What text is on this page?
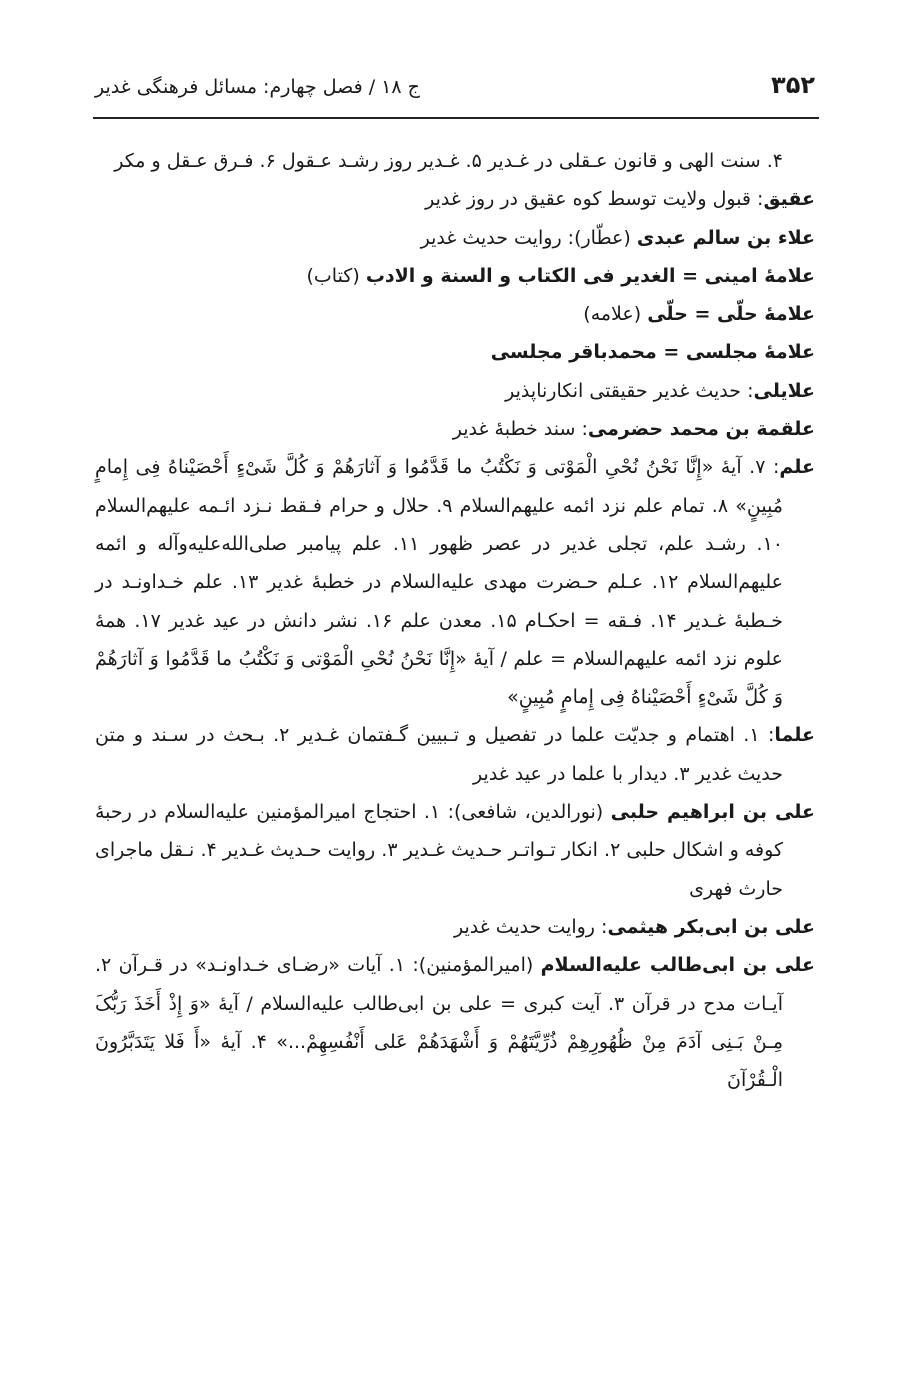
۳۵۲
ج ۱۸ / فصل چهارم: مسائل فرهنگی غدیر

۴. سنت الهی و قانون عـقلی در غـدیر ۵. غـدیر روز رشـد عـقول ۶. فـرق عـقل و مکر

عقیق: قبول ولایت توسط کوه عقیق در روز غدیر

علاء بن سالم عبدی (عطّار): روایت حدیث غدیر

علامهٔ امینی = الغدیر فی الکتاب و السنة و الادب (کتاب)

علامهٔ حلّی = حلّی (علامه)

علامهٔ مجلسی = محمدباقر مجلسی

علایلی: حدیث غدیر حقیقتی انکارناپذیر

علقمة بن محمد حضرمی: سند خطبهٔ غدیر

علم: ۷. آیهٔ «إِنَّا نَحْنُ نُحْیِ الْمَوْتی وَ نَکْتُبُ ما قَدَّمُوا وَ آثارَهُمْ وَ کُلَّ شَیْءٍ أَحْصَیْناهُ فِی إِمامٍ مُبِینٍ» ۸. تمام علم نزد ائمه علیهم‌السلام ۹. حلال و حرام فـقط نـزد ائـمه علیهم‌السلام ۱۰. رشـد علم، تجلی غدیر در عصر ظهور ۱۱. علم پیامبر صلی‌الله‌علیه‌وآله و ائمه علیهم‌السلام ۱۲. عـلم حـضرت مهدی علیه‌السلام در خطبهٔ غدیر ۱۳. علم خـداونـد در خـطبهٔ غـدیر ۱۴. فـقه = احکـام ۱۵. معدن علم ۱۶. نشر دانش در عید غدیر ۱۷. همهٔ علوم نزد ائمه علیهم‌السلام = علم / آیهٔ «إِنَّا نَحْنُ نُحْیِ الْمَوْتی وَ نَکْتُبُ ما قَدَّمُوا وَ آثارَهُمْ وَ کُلَّ شَیْءٍ أَحْصَیْناهُ فِی إِمامٍ مُبِینٍ»

علما: ۱. اهتمام و جدیّت علما در تفصیل و تـبیین گـفتمان غـدیر ۲. بـحث در سـند و متن حدیث غدیر ۳. دیدار با علما در عید غدیر

علی بن ابراهیم حلبی (نورالدین، شافعی): ۱. احتجاج امیرالمؤمنین علیه‌السلام در رحبهٔ کوفه و اشکال حلبی ۲. انکار تـواتـر حـدیث غـدیر ۳. روایت حـدیث غـدیر ۴. نـقل ماجرای حارث فهری

علی بن ابی‌بکر هیثمی: روایت حدیث غدیر

علی بن ابی‌طالب علیه‌السلام (امیرالمؤمنین): ۱. آیات «رضـای خـداونـد» در قـرآن ۲. آیـات مدح در قرآن ۳. آیت کبری = علی بن ابی‌طالب علیه‌السلام / آیهٔ «وَ إِذْ أَخَذَ رَبُّکَ مِـنْ بَـنِی آدَمَ مِنْ ظُهُورِهِمْ ذُرِّیَّتَهُمْ وَ أَشْهَدَهُمْ عَلی أَنْفُسِهِمْ...» ۴. آیهٔ «أَ فَلا یَتَدَبَّرُونَ الْـقُرْآنَ
